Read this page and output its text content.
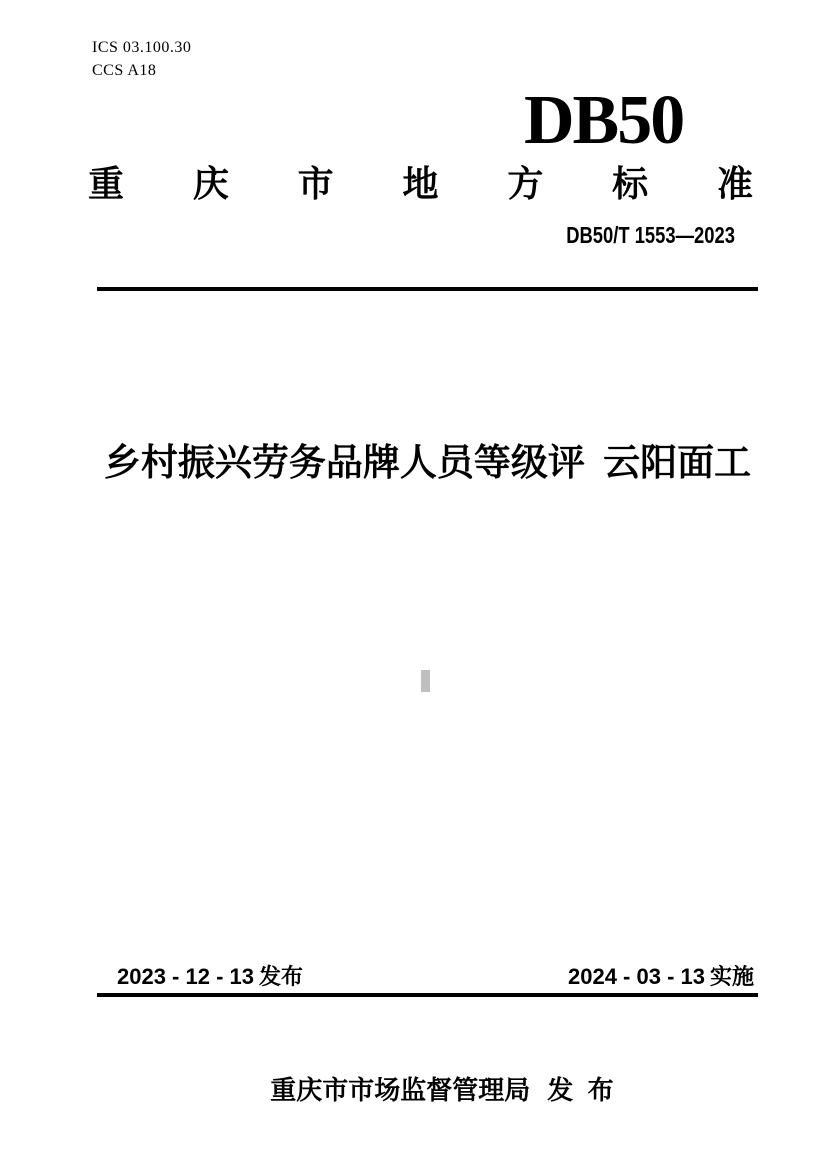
ICS 03.100.30
CCS A18
DB50
重 庆 市 地 方 标 准
DB50/T 1553—2023
乡村振兴劳务品牌人员等级评 云阳面工
2023 - 12 - 13 发布	2024 - 03 - 13 实施

重庆市市场监督管理局 发  布
